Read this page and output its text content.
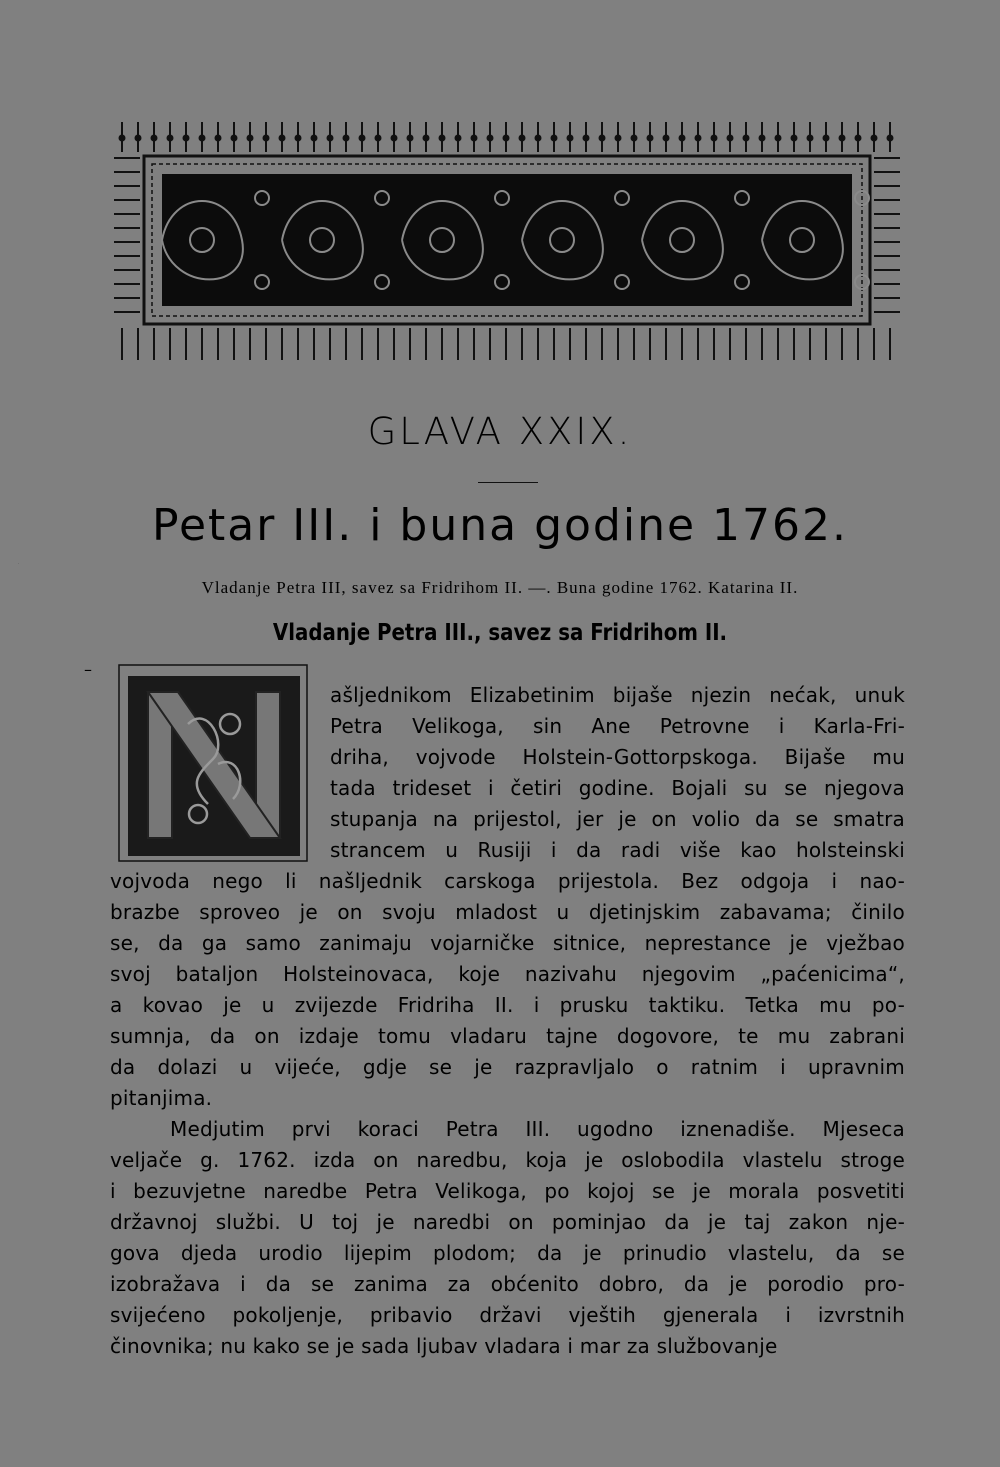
GLAVA XXIX.
Petar III. i buna godine 1762.
Vladanje Petra III, savez sa Fridrihom II. —. Buna godine 1762. Katarina II.
Vladanje Petra III., savez sa Fridrihom II.
–
N
ašljednikom Elizabetinim bijaše njezin nećak, unuk
Petra Velikoga, sin Ane Petrovne i Karla-Fri-
driha, vojvode Holstein-Gottorpskoga. Bijaše mu
tada trideset i četiri godine. Bojali su se njegova
stupanja na prijestol, jer je on volio da se smatra
strancem u Rusiji i da radi više kao holsteinski
vojvoda nego li našljednik carskoga prijestola. Bez odgoja i nao-
brazbe sproveo je on svoju mladost u djetinjskim zabavama; činilo
se, da ga samo zanimaju vojarničke sitnice, neprestance je vježbao
svoj bataljon Holsteinovaca, koje nazivahu njegovim „paćenicima“,
a kovao je u zvijezde Fridriha II. i prusku taktiku. Tetka mu po-
sumnja, da on izdaje tomu vladaru tajne dogovore, te mu zabrani
da dolazi u vijeće, gdje se je razpravljalo o ratnim i upravnim
pitanjima.
Medjutim prvi koraci Petra III. ugodno iznenadiše. Mjeseca
veljače g. 1762. izda on naredbu, koja je oslobodila vlastelu stroge
i bezuvjetne naredbe Petra Velikoga, po kojoj se je morala posvetiti
državnoj službi. U toj je naredbi on pominjao da je taj zakon nje-
gova djeda urodio lijepim plodom; da je prinudio vlastelu, da se
izobražava i da se zanima za obćenito dobro, da je porodio pro-
svijećeno pokoljenje, pribavio državi vještih gjenerala i izvrstnih
činovnika; nu kako se je sada ljubav vladara i mar za službovanje
